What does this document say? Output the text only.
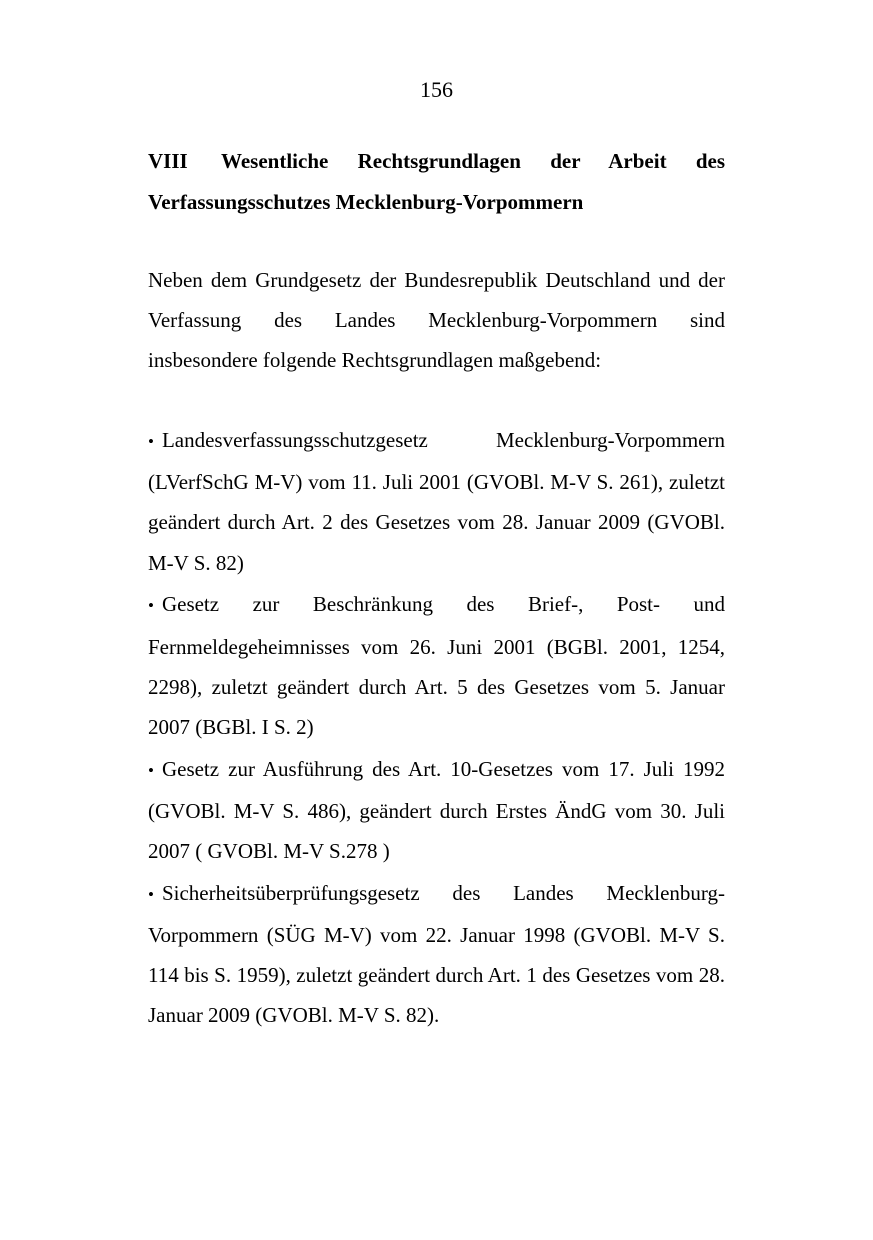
156
VIII Wesentliche Rechtsgrundlagen der Arbeit des Verfassungsschutzes Mecklenburg-Vorpommern

Neben dem Grundgesetz der Bundesrepublik Deutschland und der Verfassung des Landes Mecklenburg-Vorpommern sind insbesondere folgende Rechtsgrundlagen maßgebend:

• Landesverfassungsschutzgesetz Mecklenburg-Vorpommern (LVerfSchG M-V) vom 11. Juli 2001 (GVOBl. M-V S. 261), zuletzt geändert durch Art. 2 des Gesetzes vom 28. Januar 2009 (GVOBl. M-V S. 82)
• Gesetz zur Beschränkung des Brief-, Post- und Fernmeldegeheimnisses vom 26. Juni 2001 (BGBl. 2001, 1254, 2298), zuletzt geändert durch Art. 5 des Gesetzes vom 5. Januar 2007 (BGBl. I S. 2)
• Gesetz zur Ausführung des Art. 10-Gesetzes vom 17. Juli 1992 (GVOBl. M-V S. 486), geändert durch Erstes ÄndG vom 30. Juli 2007 ( GVOBl. M-V S.278 )
• Sicherheitsüberprüfungsgesetz des Landes Mecklenburg-Vorpommern (SÜG M-V) vom 22. Januar 1998 (GVOBl. M-V S. 114 bis S. 1959), zuletzt geändert durch Art. 1 des Gesetzes vom 28. Januar 2009 (GVOBl. M-V S. 82).
